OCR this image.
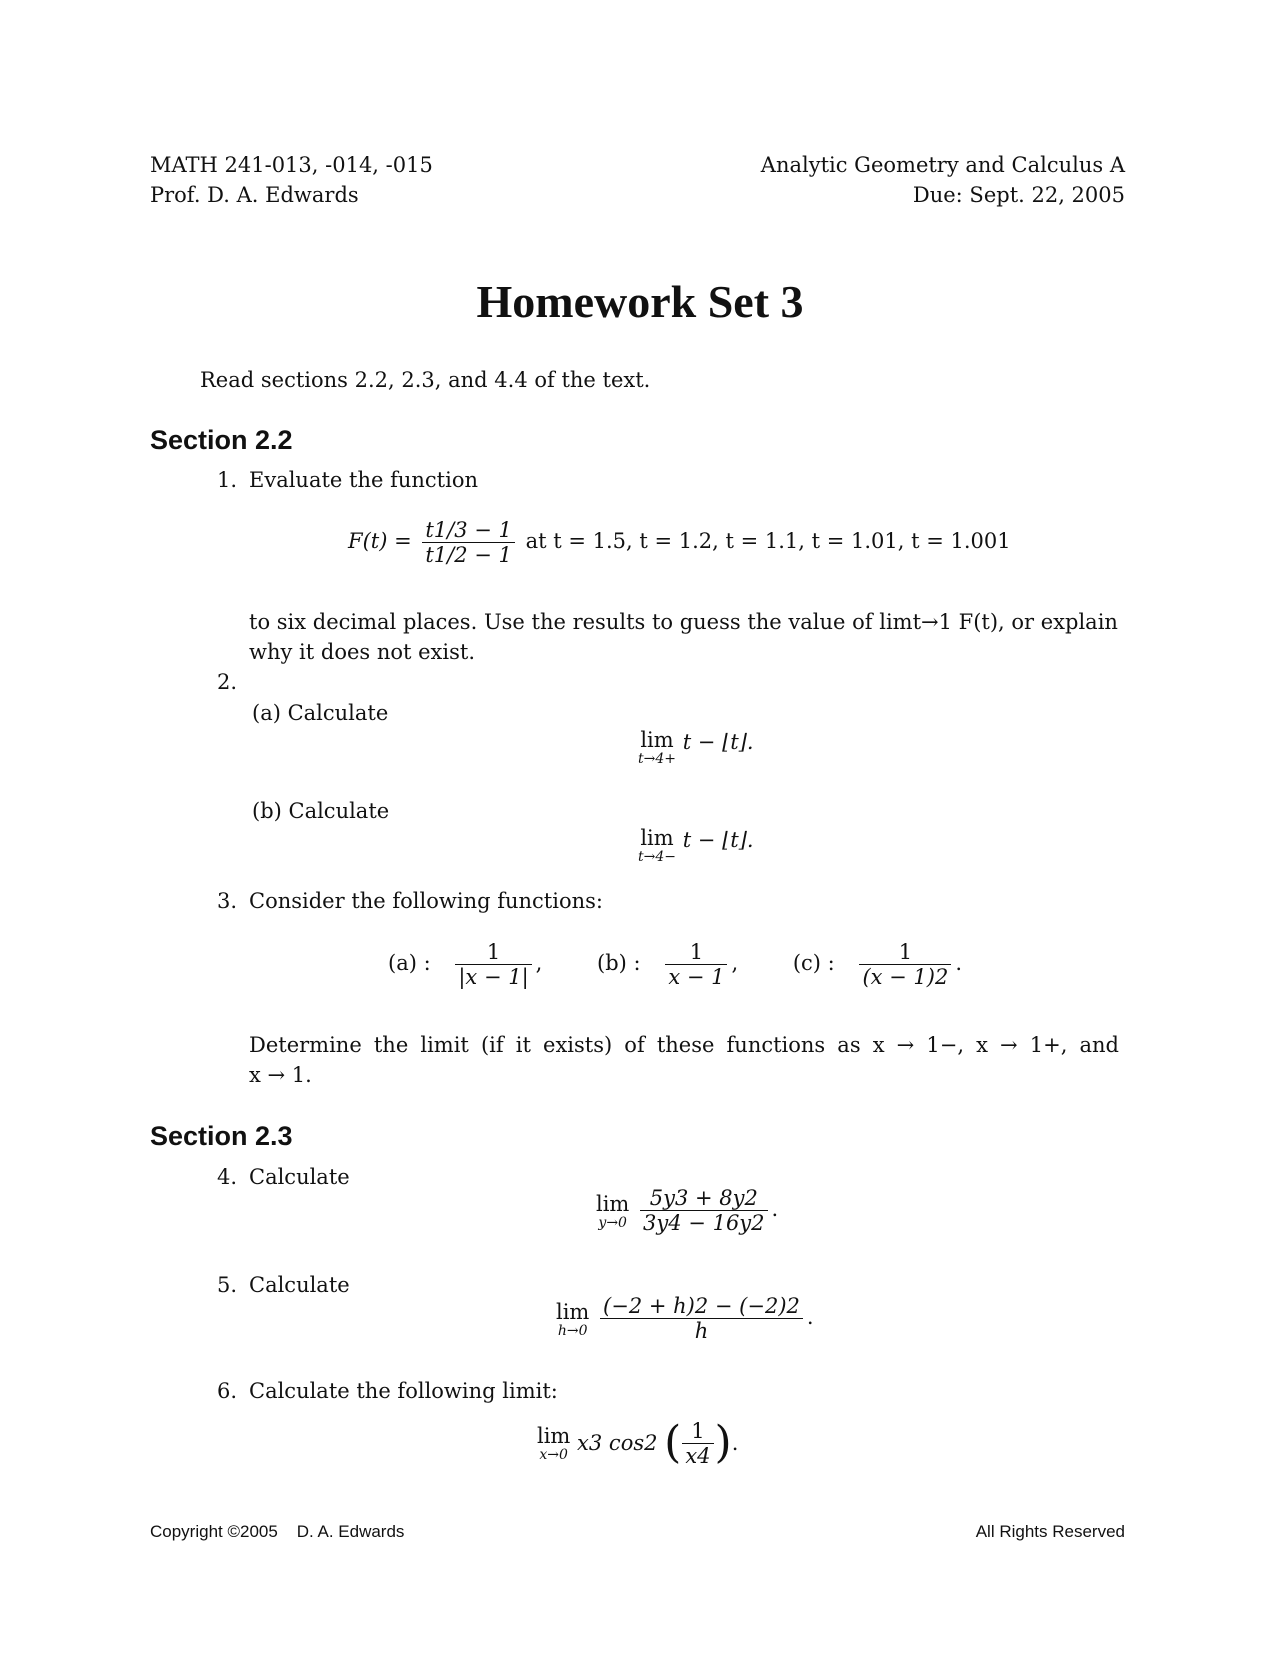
MATH 241-013, -014, -015
Prof. D. A. Edwards
Analytic Geometry and Calculus A
Due: Sept. 22, 2005
Homework Set 3
Read sections 2.2, 2.3, and 4.4 of the text.
Section 2.2
1. Evaluate the function
$F(t) = \frac{t1/3 - 1}{t1/2 - 1}$ at t = 1.5, t = 1.2, t = 1.1, t = 1.01, t = 1.001
to six decimal places. Use the results to guess the value of limt→1 F(t), or explain
why it does not exist.
2.
(a) Calculate
lim
t→4+
t − ⌊t⌋.
(b) Calculate
lim
t→4−
t − ⌊t⌋.
3. Consider the following functions:
(a) : $\frac{1}{|x - 1|}$ ,	(b) : $\frac{1}{x - 1}$ ,	(c) : $\frac{1}{(x - 1)2}$ .
Determine the limit (if it exists) of these functions as x → 1−, x → 1+, and
x → 1.
Section 2.3
4. Calculate
lim
y→0
$\frac{5y3 + 8y2}{3y4 - 16y2}$ .
5. Calculate
lim
h→0
$\frac{(-2 + h)2 - (-2)2}{h}$ .
6. Calculate the following limit:
lim
x→0 x3 cos2 ( $\frac{1}{x4}$ ).
Copyright ©2005    D. A. Edwards	All Rights Reserved
